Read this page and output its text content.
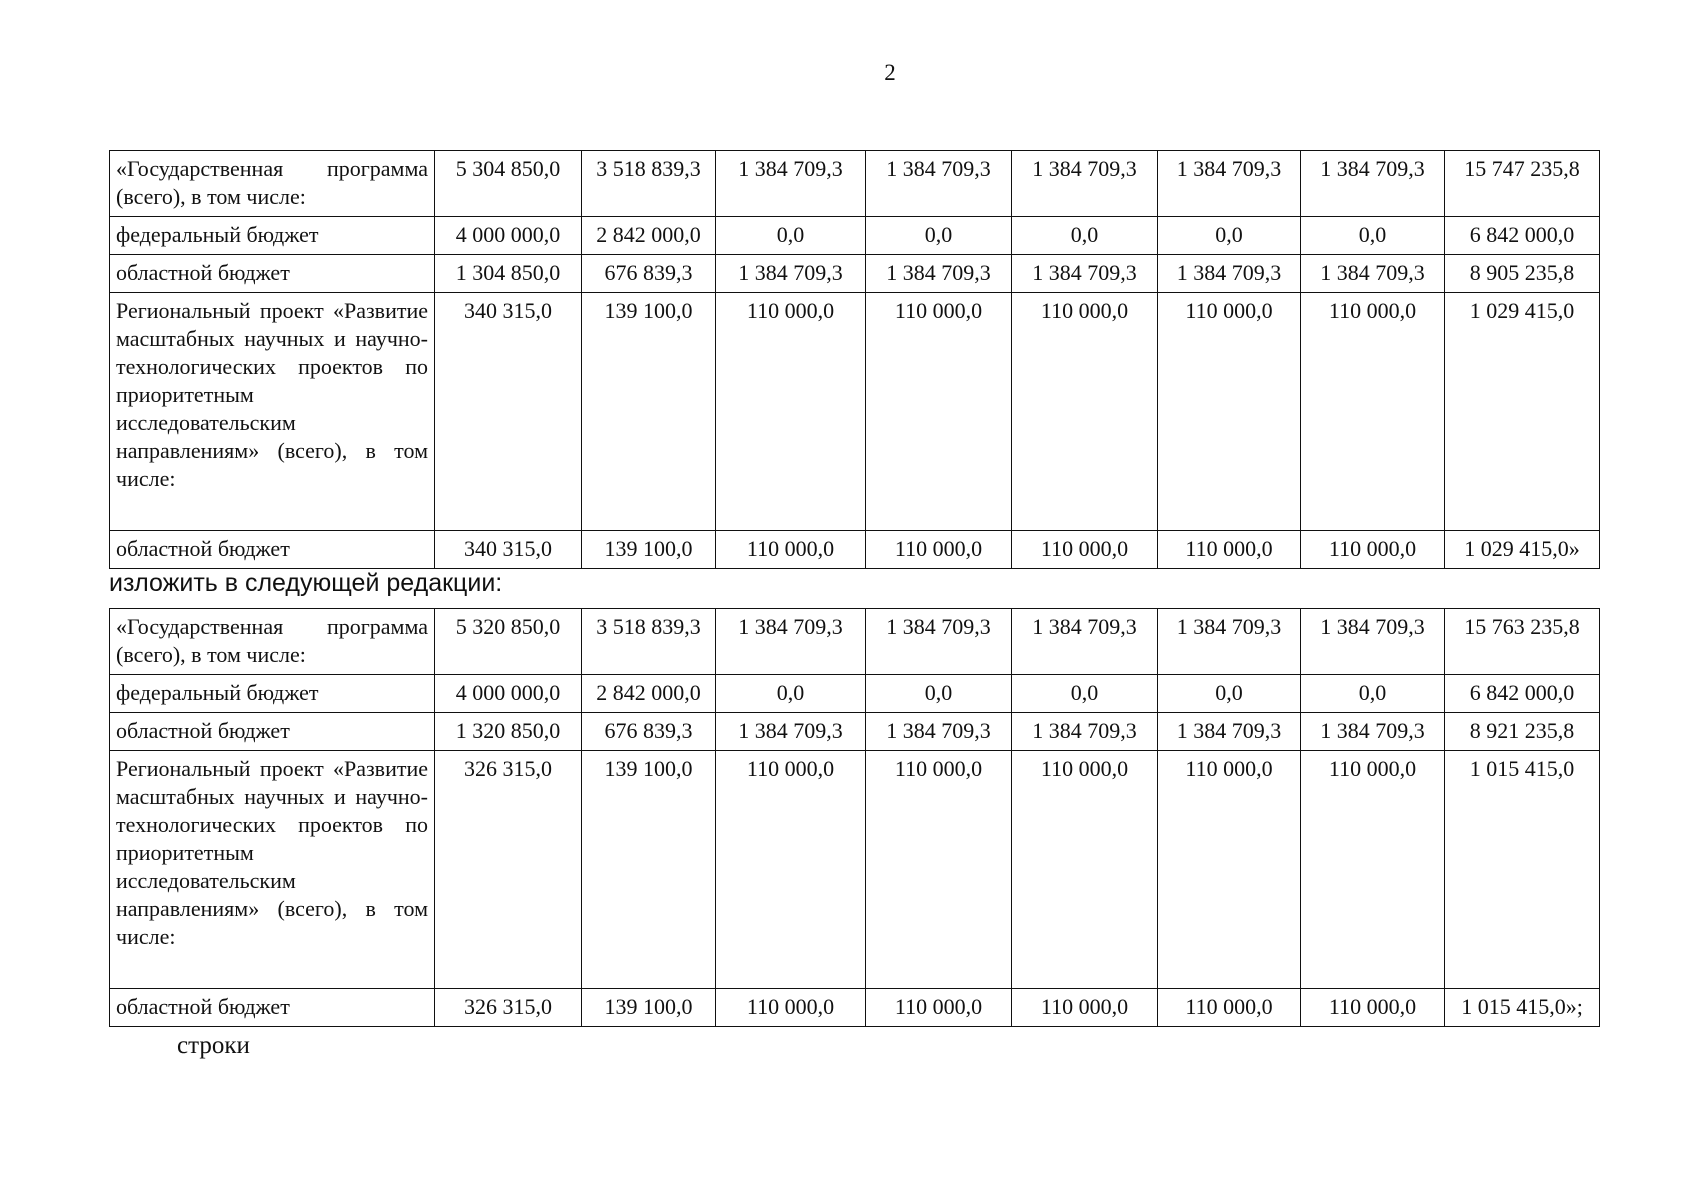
2
«Государственная программа (всего), в том числе:	5 304 850,0	3 518 839,3	1 384 709,3	1 384 709,3	1 384 709,3	1 384 709,3	1 384 709,3	15 747 235,8
федеральный бюджет	4 000 000,0	2 842 000,0	0,0	0,0	0,0	0,0	0,0	6 842 000,0
областной бюджет	1 304 850,0	676 839,3	1 384 709,3	1 384 709,3	1 384 709,3	1 384 709,3	1 384 709,3	8 905 235,8
Региональный проект «Развитие масштабных научных и научно-технологических проектов по приоритетным исследовательским направлениям» (всего), в том числе:	340 315,0	139 100,0	110 000,0	110 000,0	110 000,0	110 000,0	110 000,0	1 029 415,0
областной бюджет	340 315,0	139 100,0	110 000,0	110 000,0	110 000,0	110 000,0	110 000,0	1 029 415,0»
изложить в следующей редакции:
«Государственная программа (всего), в том числе:	5 320 850,0	3 518 839,3	1 384 709,3	1 384 709,3	1 384 709,3	1 384 709,3	1 384 709,3	15 763 235,8
федеральный бюджет	4 000 000,0	2 842 000,0	0,0	0,0	0,0	0,0	0,0	6 842 000,0
областной бюджет	1 320 850,0	676 839,3	1 384 709,3	1 384 709,3	1 384 709,3	1 384 709,3	1 384 709,3	8 921 235,8
Региональный проект «Развитие масштабных научных и научно-технологических проектов по приоритетным исследовательским направлениям» (всего), в том числе:	326 315,0	139 100,0	110 000,0	110 000,0	110 000,0	110 000,0	110 000,0	1 015 415,0
областной бюджет	326 315,0	139 100,0	110 000,0	110 000,0	110 000,0	110 000,0	110 000,0	1 015 415,0»;
строки
